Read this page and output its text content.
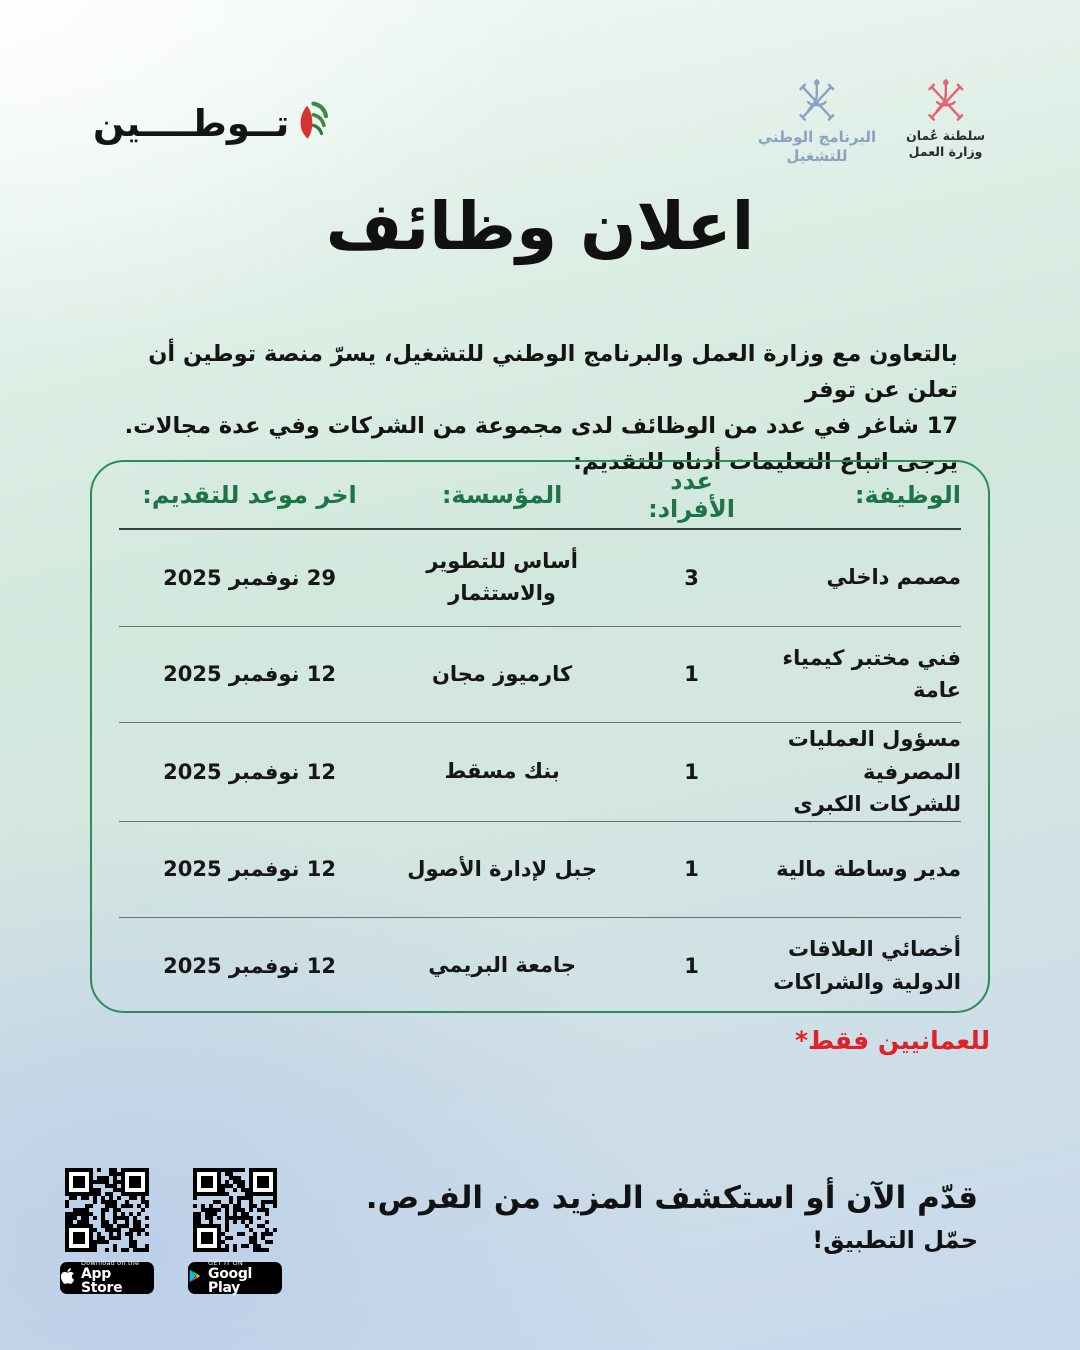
تــوطــــين	البرنامج الوطني
للتشغيل
سلطنة عُمان
وزارة العمل
اعلان وظائف
بالتعاون مع وزارة العمل والبرنامج الوطني للتشغيل، يسرّ منصة توطين أن تعلن عن توفر
17 شاغر في عدد من الوظائف لدى مجموعة من الشركات وفي عدة مجالات.
يرجى اتباع التعليمات أدناه للتقديم:
الوظيفة:
عدد الأفراد:
المؤسسة:
اخر موعد للتقديم:
مصمم داخلي
3
أساس للتطوير والاستثمار
29 نوفمبر 2025
فني مختبر كيمياء عامة
1
كارميوز مجان
12 نوفمبر 2025
مسؤول العمليات المصرفية للشركات الكبرى
1
بنك مسقط
12 نوفمبر 2025
مدير وساطة مالية
1
جبل لإدارة الأصول
12 نوفمبر 2025
أخصائي العلاقات الدولية والشراكات
1
جامعة البريمي
12 نوفمبر 2025
للعمانيين فقط*
قدّم الآن أو استكشف المزيد من الفرص.
حمّل التطبيق!
Download on the
App Store
GET IT ON
Googl Play
